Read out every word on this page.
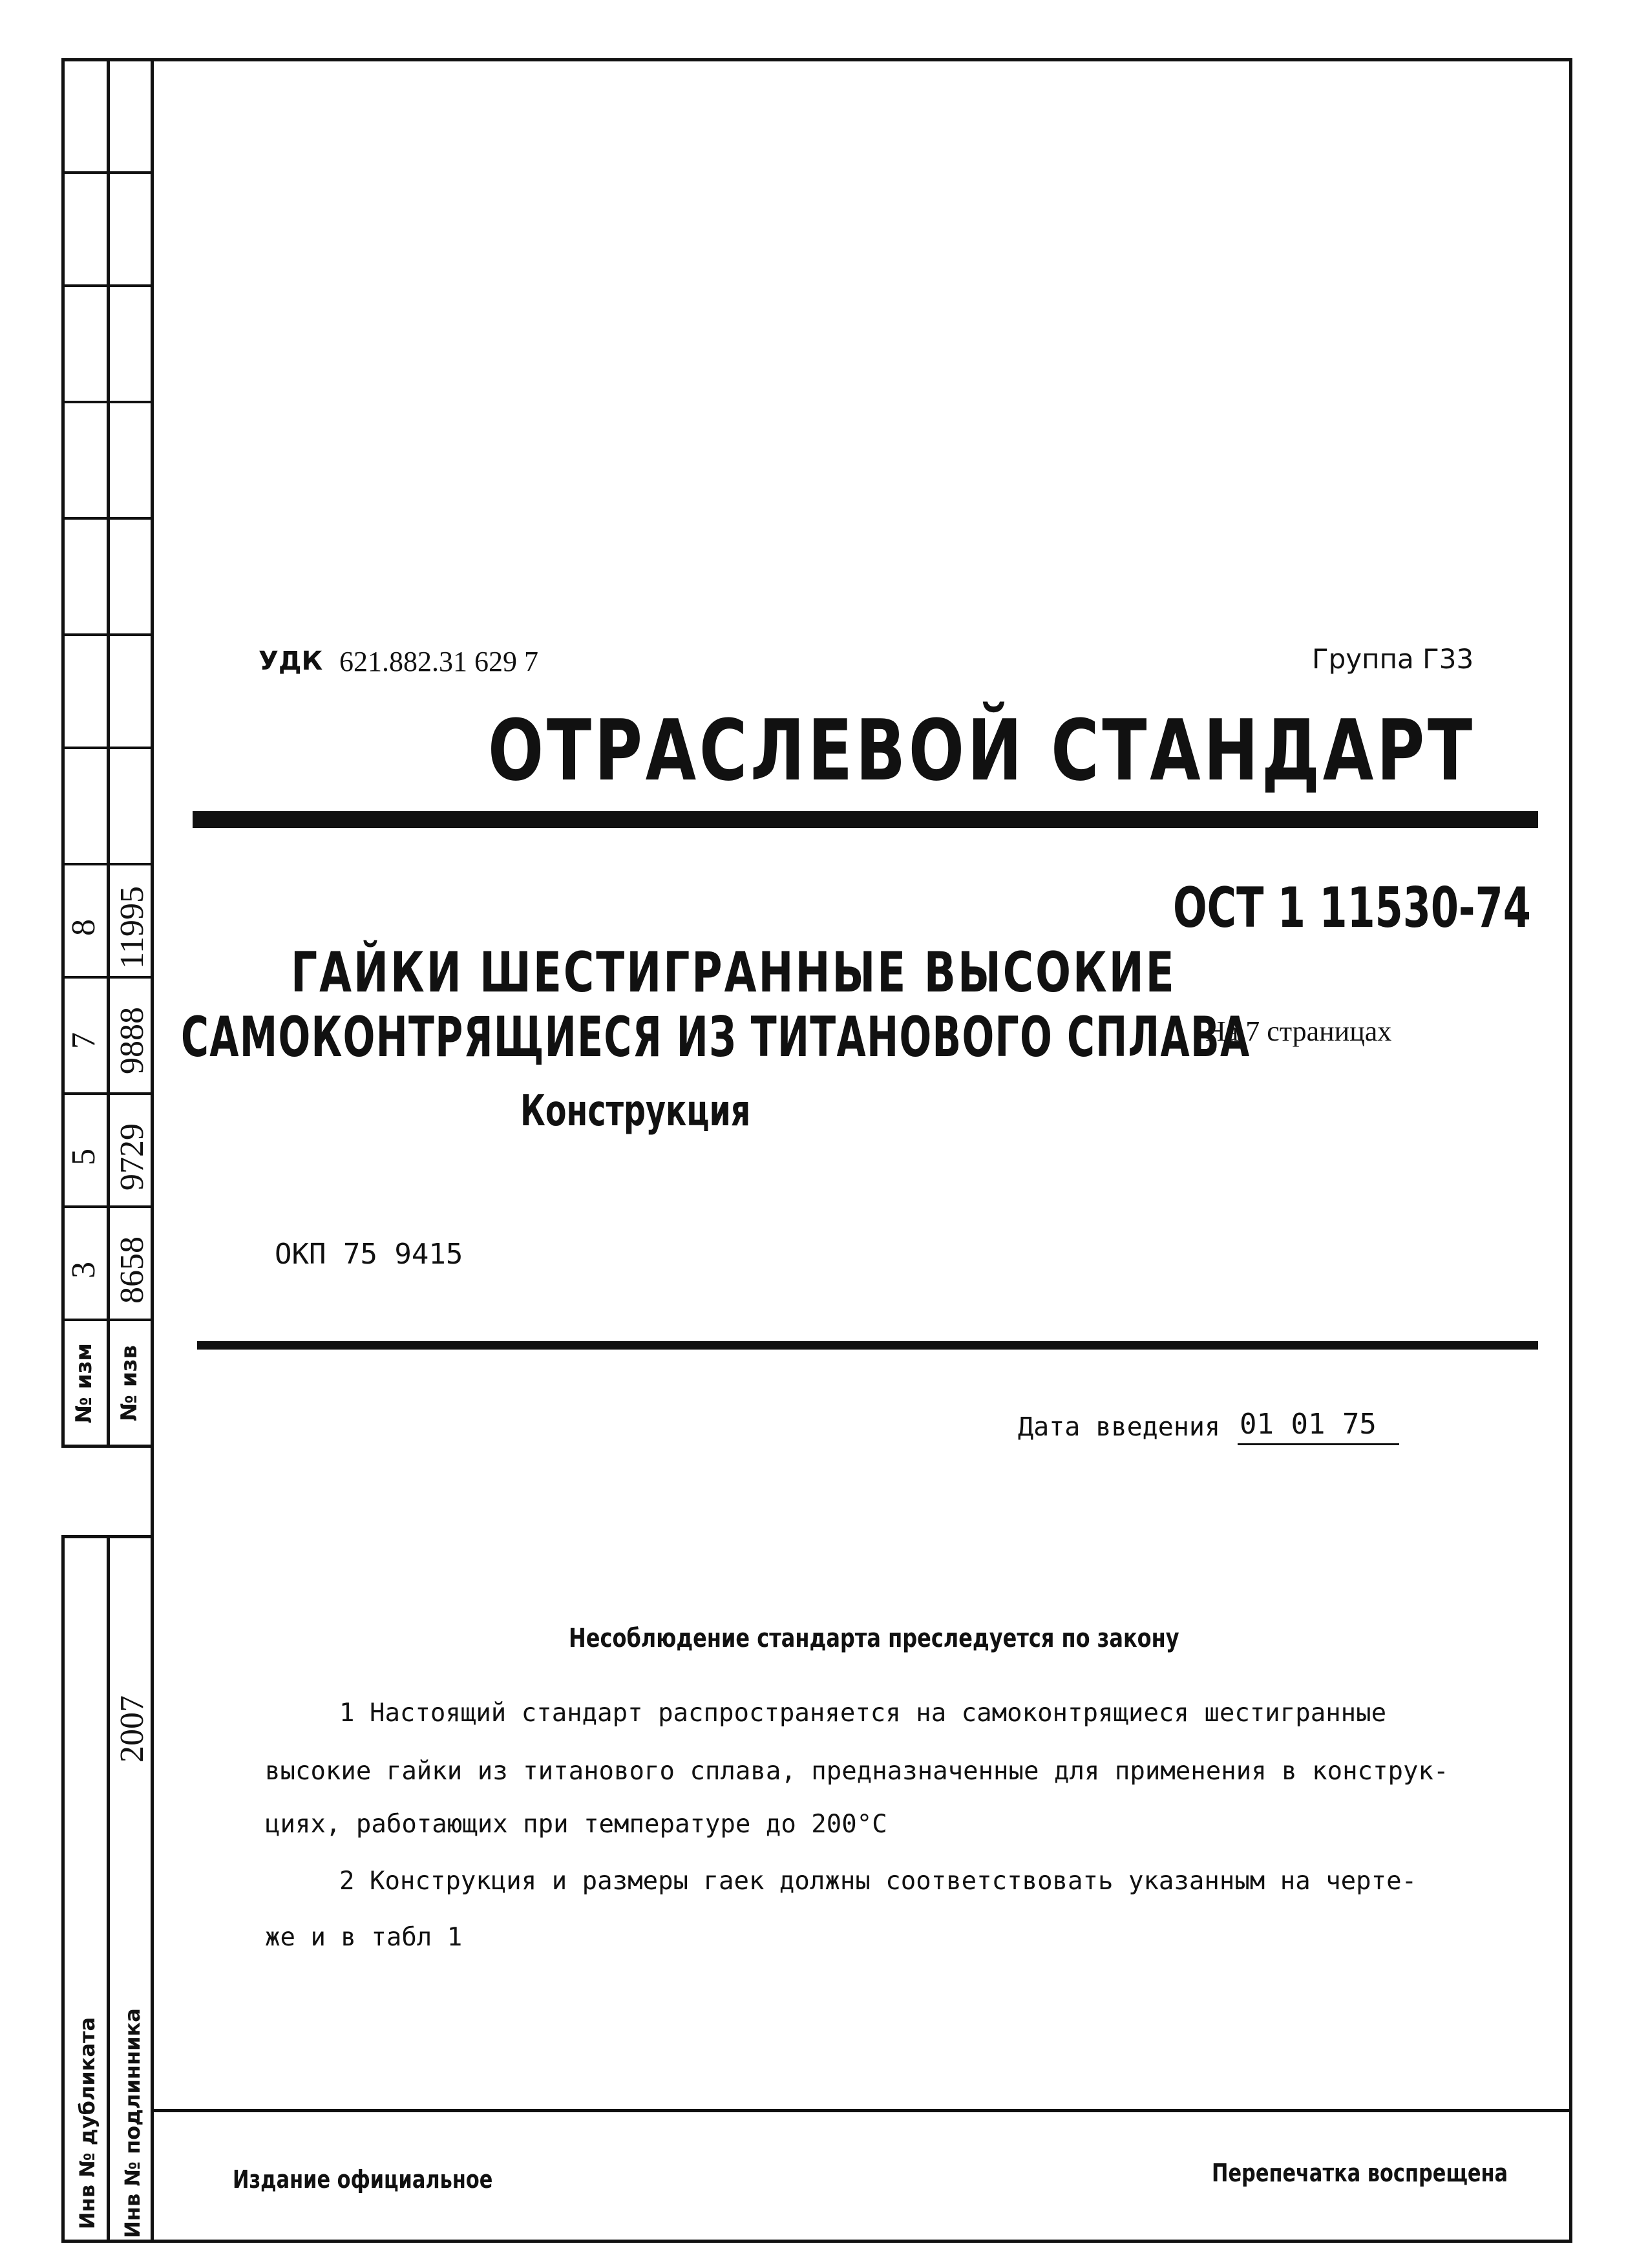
8 11995
7 9888
5 9729
3 8658
№ изм № изв
2007
Инв № дубликата	Инв № подлинника
УДК 621.882.31 629 7	Группа Г33
ОТРАСЛЕВОЙ СТАНДАРТ
ОСТ 1 11530-74
ГАЙКИ ШЕСТИГРАННЫЕ ВЫСОКИЕ
САМОКОНТРЯЩИЕСЯ ИЗ ТИТАНОВОГО СПЛАВА
Конструкция
На 7 страницах
ОКП 75 9415
Дата введения 01 01 75
Несоблюдение стандарта преследуется по закону
1 Настоящий стандарт распространяется на самоконтрящиеся шестигранные
высокие гайки из титанового сплава, предназначенные для применения в конструк-
циях, работающих при температуре до 200°C
2 Конструкция и размеры гаек должны соответствовать указанным на черте-
же и в табл 1
Издание официальное	Перепечатка воспрещена
